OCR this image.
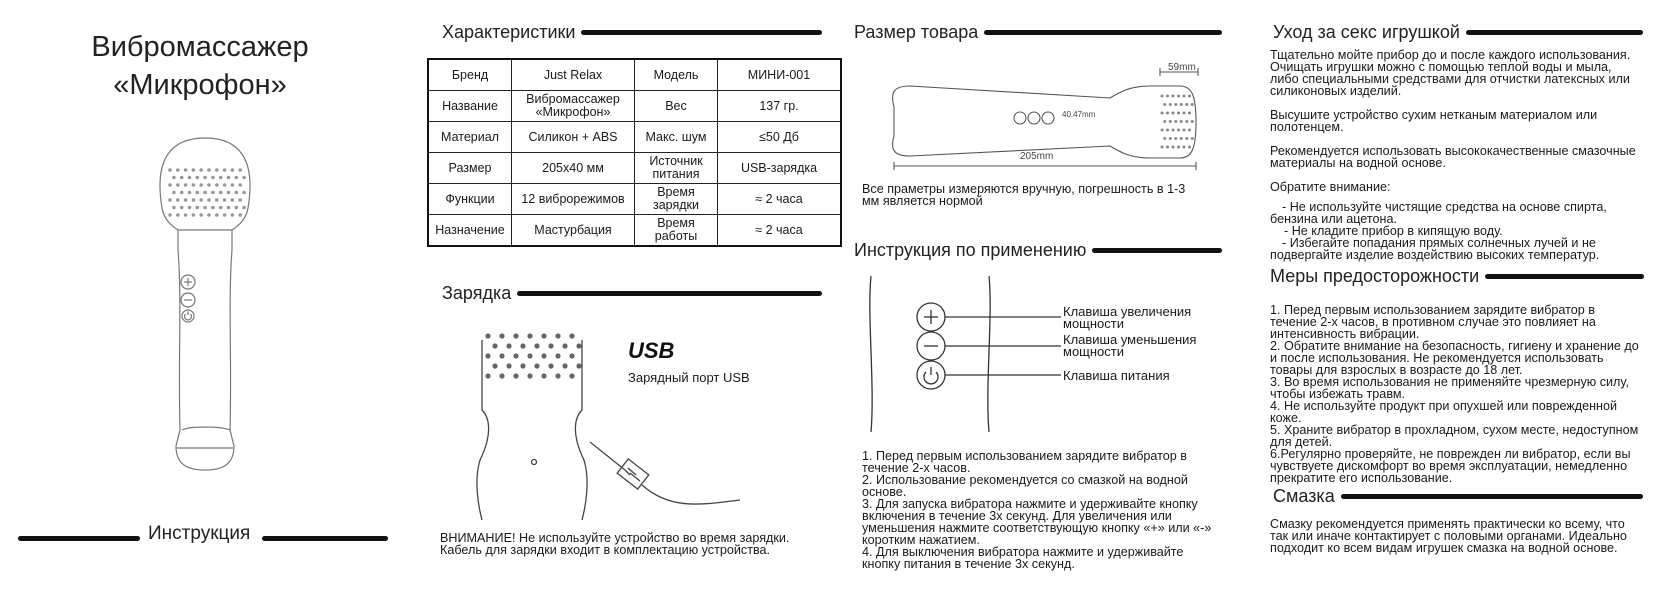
Вибромассажер
«Микрофон»
Инструкция
Характеристики
Бренд	Just Relax	Модель	МИНИ-001
Название	Вибромассажер «Микрофон»	Вес	137 гр.
Материал	Силикон + ABS	Макс. шум	≤50 Дб
Размер	205х40 мм	Источник питания	USB-зарядка
Функции	12 виброрежимов	Время зарядки	≈ 2 часа
Назначение	Мастурбация	Время работы	≈ 2 часа
Зарядка
USB
Зарядный порт USB
ВНИМАНИЕ! Не используйте устройство во время зарядки. Кабель для зарядки входит в комплектацию устройства.
Размер товара
59mm
40.47mm
205mm
Все праметры измеряются вручную, погрешность в 1-3 мм является нормой
Инструкция по применению
Клавиша увеличения мощности
Клавиша уменьшения мощности
Клавиша питания
1. Перед первым использованием зарядите вибратор в течение 2-х часов.
2. Использование рекомендуется со смазкой на водной основе.
3. Для запуска вибратора нажмите и удерживайте кнопку включения в течение 3х секунд. Для увеличения или уменьшения нажмите соответствующую кнопку «+» или «-» коротким нажатием.
4. Для выключения вибратора нажмите и удерживайте кнопку питания в течение 3х секунд.
Уход за секс игрушкой

Тщательно мойте прибор до и после каждого использования. Очищать игрушки можно с помощью теплой воды и мыла, либо специальными средствами для отчистки латексных или силиконовых изделий.

Высушите устройство сухим нетканым материалом или полотенцем.

Рекомендуется использовать высококачественные смазочные материалы на водной основе.

Обратите внимание:

- Не используйте чистящие средства на основе спирта, бензина или ацетона.
- Не кладите прибор в кипящую воду.
- Избегайте попадания прямых солнечных лучей и не подвергайте изделие воздействию высоких температур.
Меры предосторожности
1. Перед первым использованием зарядите вибратор в течение 2-х часов, в противном случае это повлияет на интенсивность вибрации.
2. Обратите внимание на безопасность, гигиену и хранение до и после использования. Не рекомендуется использовать товары для взрослых в возрасте до 18 лет.
3. Во время использования не применяйте чрезмерную силу, чтобы избежать травм.
4. Не используйте продукт при опухшей или поврежденной коже.
5. Храните вибратор в прохладном, сухом месте, недоступном для детей.
6.Регулярно проверяйте, не поврежден ли вибратор, если вы чувствуете дискомфорт во время эксплуатации, немедленно прекратите его использование.
Смазка
Смазку рекомендуется применять практически ко всему, что так или иначе контактирует с половыми органами. Идеально подходит ко всем видам игрушек смазка на водной основе.
